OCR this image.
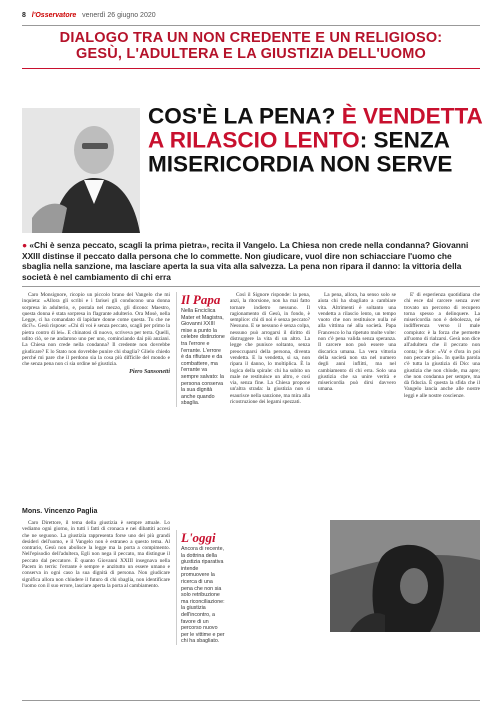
8 l'Osservatore venerdì 26 giugno 2020
DIALOGO TRA UN NON CREDENTE E UN RELIGIOSO:
GESÙ, L'ADULTERA E LA GIUSTIZIA DELL'UOMO
COS'È LA PENA? È VENDETTA
A RILASCIO LENTO: SENZA
MISERICORDIA NON SERVE
● «Chi è senza peccato, scagli la prima pietra», recita il Vangelo. La Chiesa non crede nella condanna? Giovanni XXIII distinse il peccato dalla persona che lo commette. Non giudicare, vuol dire non schiacciare l'uomo che sbaglia nella sanzione, ma lasciare aperta la sua vita alla salvezza. La pena non ripara il danno: la vittoria della società è nel cambiamento di chi erra

Caro Monsignore, ricopio un piccolo brano del Vangelo che mi inquieta: «Allora gli scribi e i farisei gli conducono una donna sorpresa in adulterio, e, postala nel mezzo, gli dicono: Maestro, questa donna è stata sorpresa in flagrante adulterio. Ora Mosè, nella Legge, ci ha comandato di lapidare donne come questa. Tu che ne dici?». Gesù rispose: «Chi di voi è senza peccato, scagli per primo la pietra contro di lei». E chinatosi di nuovo, scriveva per terra. Quelli, udito ciò, se ne andarono uno per uno, cominciando dai più anziani. La Chiesa non crede nella condanna? Il credente non dovrebbe giudicare? E lo Stato non dovrebbe punire chi sbaglia? Glielo chiedo perché mi pare che il perdono sia la cosa più difficile del mondo e che senza pena non ci sia ordine né giustizia.

Piero Sansonetti
Mons. Vincenzo Paglia

Caro Direttore, il tema della giustizia è sempre attuale. Lo vediamo ogni giorno, in tutti i fatti di cronaca e nei dibattiti accesi che ne seguono. La giustizia rappresenta forse uno dei più grandi desideri dell'uomo, e il Vangelo non è estraneo a questo tema. Al contrario, Gesù non abolisce la legge ma la porta a compimento. Nell'episodio dell'adultera, Egli non nega il peccato, ma distingue il peccato dal peccatore. È quanto Giovanni XXIII insegnava nella Pacem in terris: l'errante è sempre e anzitutto un essere umano e conserva in ogni caso la sua dignità di persona. Non giudicare significa allora non chiudere il futuro di chi sbaglia, non identificare l'uomo con il suo errore, lasciare aperta la porta al cambiamento.

Il Papa
Nella Enciclica Mater et Magistra, Giovanni XXIII mise a punto la celebre distinzione tra l'errore e l'errante. L'errore è da rifiutare e da combattere, ma l'errante va sempre salvato: la persona conserva la sua dignità anche quando sbaglia.
L'oggi
Ancora di recente, la dottrina della giustizia riparativa intende promuovere la ricerca di una pena che non sia solo retribuzione ma riconciliazione: la giustizia dell'incontro, a favore di un percorso nuovo per le vittime e per chi ha sbagliato.

Così il Signore risponde: la pena, anzi, la ritorsione, non ha mai fatto tornare indietro nessuno. Il ragionamento di Gesù, in fondo, è semplice: chi di noi è senza peccato? Nessuno. E se nessuno è senza colpa, nessuno può arrogarsi il diritto di distruggere la vita di un altro. La legge che punisce soltanto, senza preoccuparsi della persona, diventa vendetta. E la vendetta, si sa, non ripara il danno, lo moltiplica. È la logica della spirale: chi ha subito un male ne restituisce un altro, e così via, senza fine. La Chiesa propone un'altra strada: la giustizia non si esaurisce nella sanzione, ma mira alla ricostruzione dei legami spezzati.

La pena, allora, ha senso solo se aiuta chi ha sbagliato a cambiare vita. Altrimenti è soltanto una vendetta a rilascio lento, un tempo vuoto che non restituisce nulla né alla vittima né alla società. Papa Francesco lo ha ripetuto molte volte: non c'è pena valida senza speranza. Il carcere non può essere una discarica umana. La vera vittoria della società non sta nel numero degli anni inflitti, ma nel cambiamento di chi erra. Solo una giustizia che sa unire verità e misericordia può dirsi davvero umana.

E' di esperienza quotidiana che chi esce dal carcere senza aver trovato un percorso di recupero torna spesso a delinquere. La misericordia non è debolezza, né indifferenza verso il male compiuto: è la forza che permette all'uomo di rialzarsi. Gesù non dice all'adultera che il peccato non conta; le dice: «Va' e d'ora in poi non peccare più». In quella parola c'è tutta la giustizia di Dio: una giustizia che non chiude, ma apre; che non condanna per sempre, ma dà fiducia. È questa la sfida che il Vangelo lancia anche alle nostre leggi e alle nostre coscienze.
